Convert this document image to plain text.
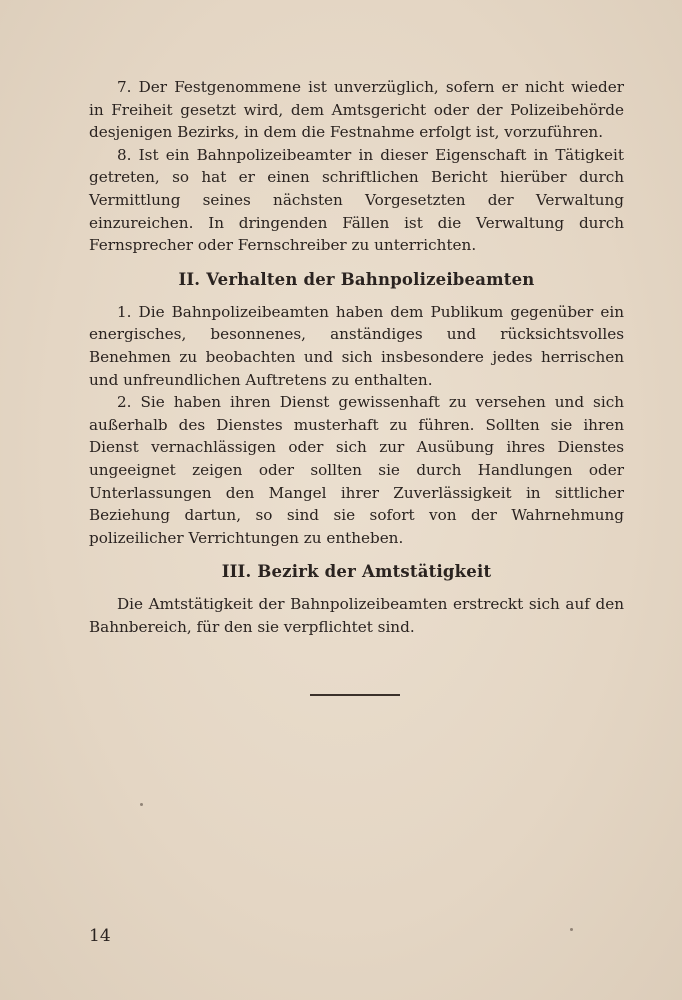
7. Der Festgenommene ist unverzüglich, sofern er nicht wieder in Freiheit gesetzt wird, dem Amtsgericht oder der Polizeibehörde desjenigen Bezirks, in dem die Festnahme erfolgt ist, vorzuführen.

8. Ist ein Bahnpolizeibeamter in dieser Eigenschaft in Tätigkeit getreten, so hat er einen schriftlichen Bericht hierüber durch Vermittlung seines nächsten Vorgesetzten der Verwaltung einzureichen. In dringenden Fällen ist die Verwaltung durch Fernsprecher oder Fernschreiber zu unterrichten.

II. Verhalten der Bahnpolizeibeamten

1. Die Bahnpolizeibeamten haben dem Publikum gegenüber ein energisches, besonnenes, anständiges und rücksichtsvolles Benehmen zu beobachten und sich insbesondere jedes herrischen und unfreundlichen Auftretens zu enthalten.

2. Sie haben ihren Dienst gewissenhaft zu versehen und sich außerhalb des Dienstes musterhaft zu führen. Sollten sie ihren Dienst vernachlässigen oder sich zur Ausübung ihres Dienstes ungeeignet zeigen oder sollten sie durch Handlungen oder Unterlassungen den Mangel ihrer Zuverlässigkeit in sittlicher Beziehung dartun, so sind sie sofort von der Wahrnehmung polizeilicher Verrichtungen zu entheben.

III. Bezirk der Amtstätigkeit

Die Amtstätigkeit der Bahnpolizeibeamten erstreckt sich auf den Bahnbereich, für den sie verpflichtet sind.

14
